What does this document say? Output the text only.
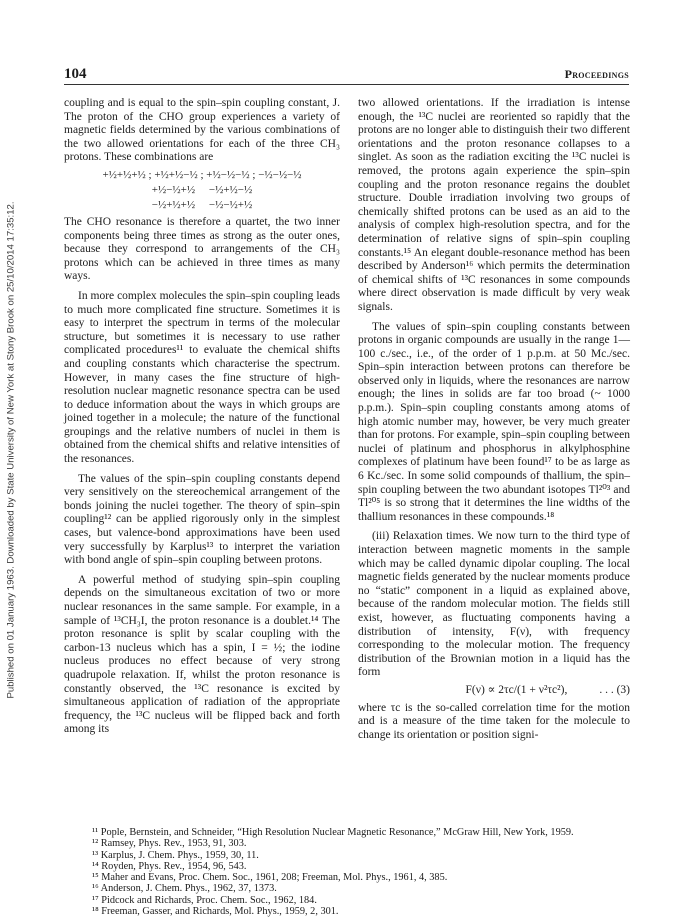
Published on 01 January 1963. Downloaded by State University of New York at Stony Brook on 25/10/2014 17:35:12.
104	Proceedings

coupling and is equal to the spin–spin coupling constant, J. The proton of the CHO group experiences a variety of magnetic fields determined by the various combinations of the two allowed orientations for each of the three CH₃ protons. These combinations are

+½+½+½ ; +½+½−½ ; +½−½−½ ; −½−½−½
+½−½+½     −½+½−½
−½+½+½     −½−½+½

The CHO resonance is therefore a quartet, the two inner components being three times as strong as the outer ones, because they correspond to arrangements of the CH₃ protons which can be achieved in three times as many ways.

In more complex molecules the spin–spin coupling leads to much more complicated fine structure. Sometimes it is easy to interpret the spectrum in terms of the molecular structure, but sometimes it is necessary to use rather complicated procedures¹¹ to evaluate the chemical shifts and coupling constants which characterise the spectrum. However, in many cases the fine structure of high-resolution nuclear magnetic resonance spectra can be used to deduce information about the ways in which groups are joined together in a molecule; the nature of the functional groupings and the relative numbers of nuclei in them is obtained from the chemical shifts and relative intensities of the resonances.

The values of the spin–spin coupling constants depend very sensitively on the stereochemical arrangement of the bonds joining the nuclei together. The theory of spin–spin coupling¹² can be applied rigorously only in the simplest cases, but valence-bond approximations have been used very successfully by Karplus¹³ to interpret the variation with bond angle of spin–spin coupling between protons.

A powerful method of studying spin–spin coupling depends on the simultaneous excitation of two or more nuclear resonances in the same sample. For example, in a sample of ¹³CH₃I, the proton resonance is a doublet.¹⁴ The proton resonance is split by scalar coupling with the carbon-13 nucleus which has a spin, I = ½; the iodine nucleus produces no effect because of very strong quadrupole relaxation. If, whilst the proton resonance is constantly observed, the ¹³C resonance is excited by simultaneous application of radiation of the appropriate frequency, the ¹³C nucleus will be flipped back and forth among its

two allowed orientations. If the irradiation is intense enough, the ¹³C nuclei are reoriented so rapidly that the protons are no longer able to distinguish their two different orientations and the proton resonance collapses to a singlet. As soon as the radiation exciting the ¹³C nuclei is removed, the protons again experience the spin–spin coupling and the proton resonance regains the doublet structure. Double irradiation involving two groups of chemically shifted protons can be used as an aid to the analysis of complex high-resolution spectra, and for the determination of relative signs of spin–spin coupling constants.¹⁵ An elegant double-resonance method has been described by Anderson¹⁶ which permits the determination of chemical shifts of ¹³C resonances in some compounds where direct observation is made difficult by very weak signals.

The values of spin–spin coupling constants between protons in organic compounds are usually in the range 1—100 c./sec., i.e., of the order of 1 p.p.m. at 50 Mc./sec. Spin–spin interaction between protons can therefore be observed only in liquids, where the resonances are narrow enough; the lines in solids are far too broad (~ 1000 p.p.m.). Spin–spin coupling constants among atoms of high atomic number may, however, be very much greater than for protons. For example, spin–spin coupling between nuclei of platinum and phosphorus in alkylphosphine complexes of platinum have been found¹⁷ to be as large as 6 Kc./sec. In some solid compounds of thallium, the spin–spin coupling between the two abundant isotopes Tl²⁰³ and Tl²⁰⁵ is so strong that it determines the line widths of the thallium resonances in these compounds.¹⁸

(iii) Relaxation times. We now turn to the third type of interaction between magnetic moments in the sample which may be called dynamic dipolar coupling. The local magnetic fields generated by the nuclear moments produce no “static” component in a liquid as explained above, because of the random molecular motion. The fields still exist, however, as fluctuating components having a distribution of intensity, F(ν), with frequency corresponding to the molecular motion. The frequency distribution of the Brownian motion in a liquid has the form

F(ν) ∝ 2τc/(1 + ν²τc²),	. . . (3)

where τc is the so-called correlation time for the motion and is a measure of the time taken for the molecule to change its orientation or position signi-

¹¹ Pople, Bernstein, and Schneider, “High Resolution Nuclear Magnetic Resonance,” McGraw Hill, New York, 1959.

¹² Ramsey, Phys. Rev., 1953, 91, 303.

¹³ Karplus, J. Chem. Phys., 1959, 30, 11.

¹⁴ Royden, Phys. Rev., 1954, 96, 543.

¹⁵ Maher and Evans, Proc. Chem. Soc., 1961, 208; Freeman, Mol. Phys., 1961, 4, 385.

¹⁶ Anderson, J. Chem. Phys., 1962, 37, 1373.

¹⁷ Pidcock and Richards, Proc. Chem. Soc., 1962, 184.

¹⁸ Freeman, Gasser, and Richards, Mol. Phys., 1959, 2, 301.
